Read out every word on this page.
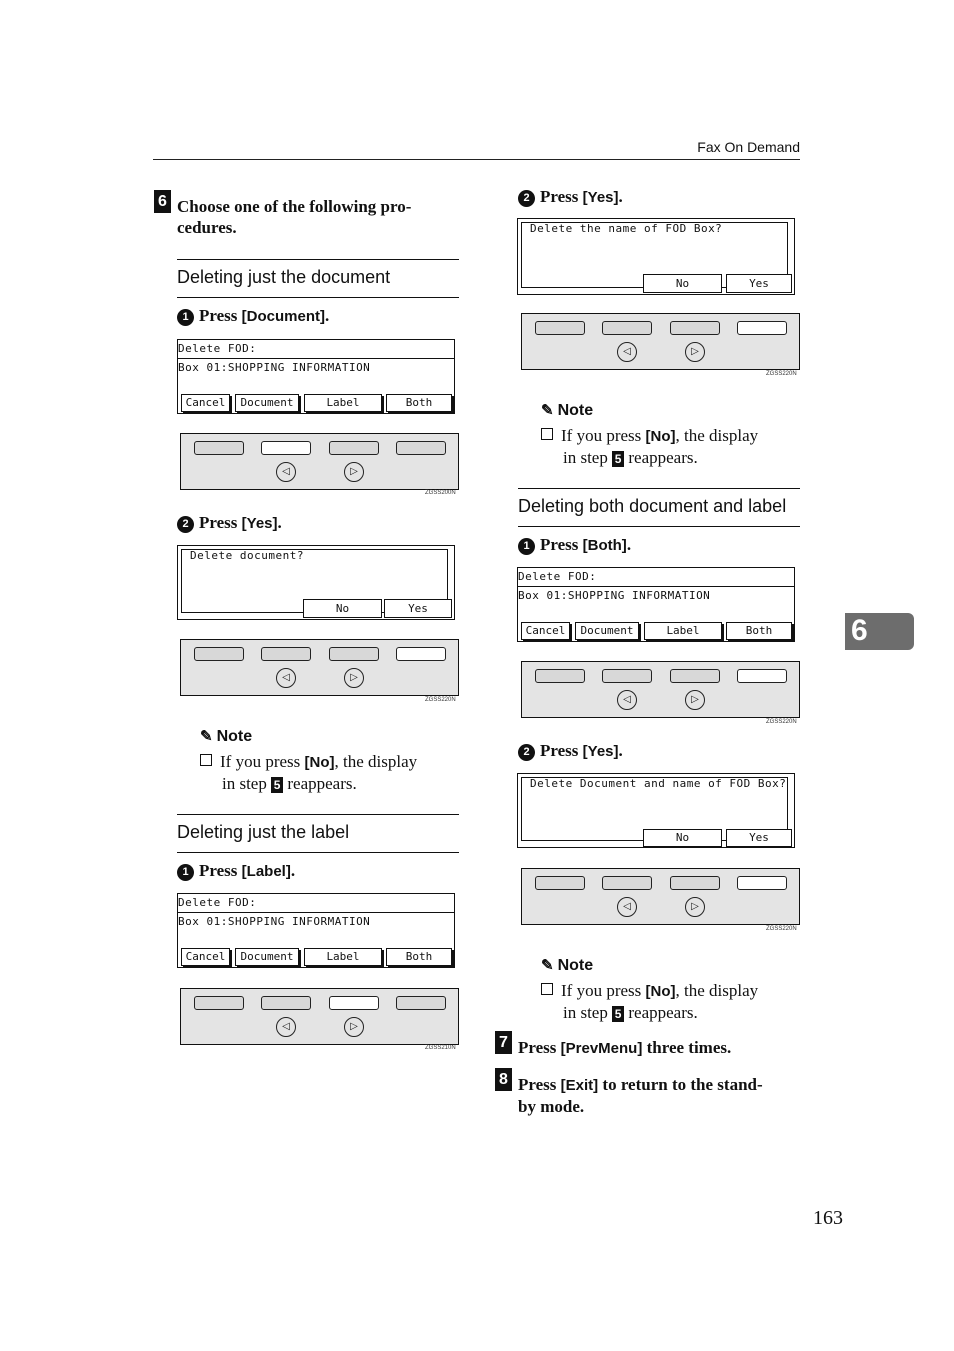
Fax On Demand
6
6 Choose one of the following pro-
cedures.
Deleting just the document
1 Press [Document].
Delete FOD:
Box 01:SHOPPING INFORMATION
Cancel	Document	Label	Both
◁	▷
ZGSS200N
2 Press [Yes].
Delete document?
No	Yes
◁	▷
ZGSS220N
✎ Note
If you press [No], the display
in step 5 reappears.
Deleting just the label
1 Press [Label].
Delete FOD:
Box 01:SHOPPING INFORMATION
Cancel	Document	Label	Both
◁	▷
ZGSS210N
2 Press [Yes].
Delete the name of FOD Box?
No	Yes
◁	▷
ZGSS220N
✎ Note
If you press [No], the display
in step 5 reappears.
Deleting both document and label
1 Press [Both].
Delete FOD:
Box 01:SHOPPING INFORMATION
Cancel	Document	Label	Both
◁	▷
ZGSS220N
2 Press [Yes].
Delete Document and name of FOD Box?
No	Yes
◁	▷
ZGSS220N
✎ Note
If you press [No], the display
in step 5 reappears.
7 Press [PrevMenu] three times.
8 Press [Exit] to return to the stand-
by mode.
163
